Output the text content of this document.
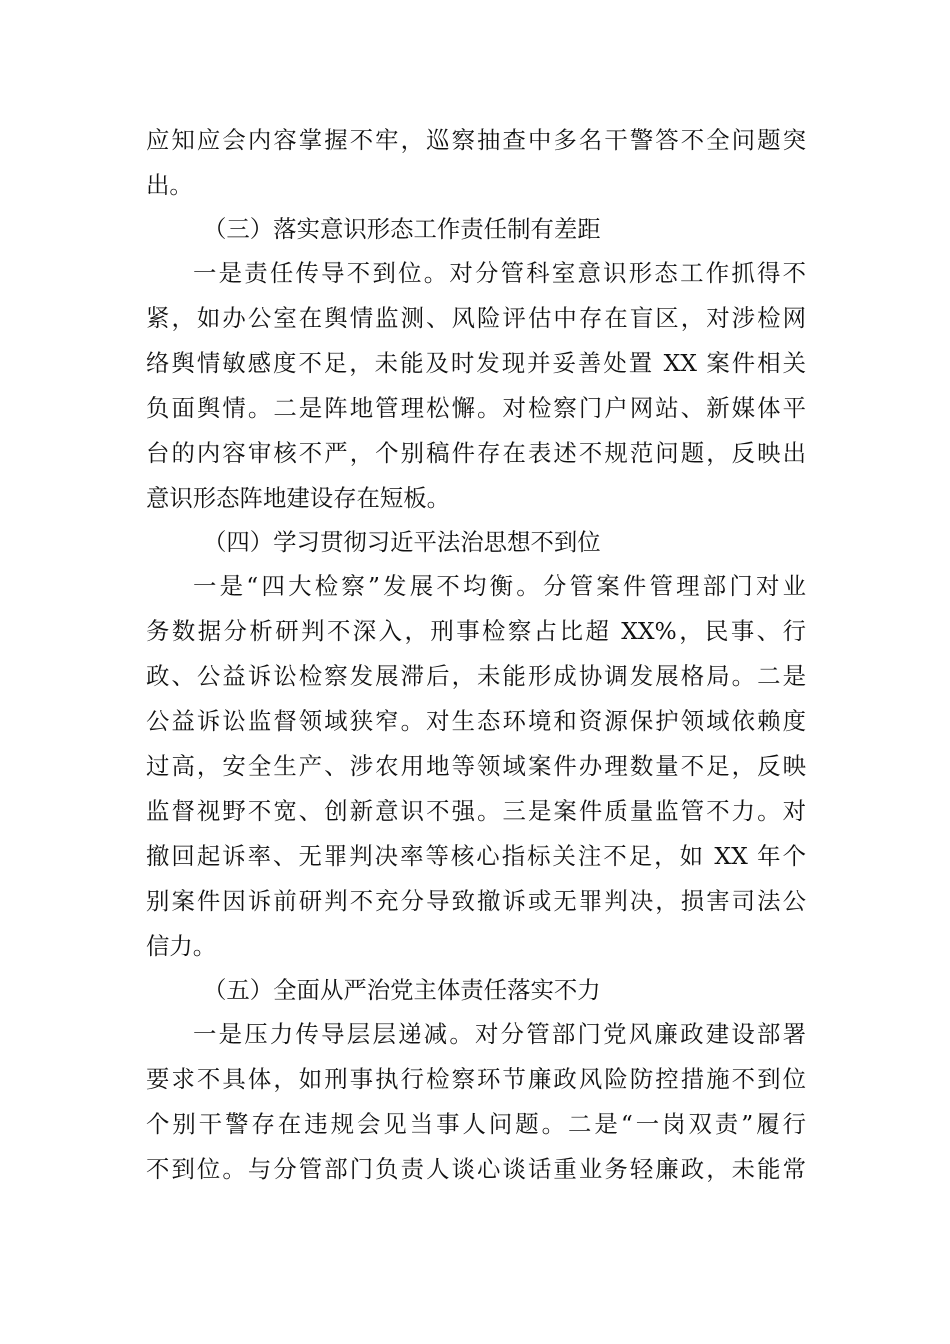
应知应会内容掌握不牢，巡察抽查中多名干警答不全问题突
出。
（三）落实意识形态工作责任制有差距
一是责任传导不到位。对分管科室意识形态工作抓得不
紧，如办公室在舆情监测、风险评估中存在盲区，对涉检网
络舆情敏感度不足，未能及时发现并妥善处置 XX 案件相关
负面舆情。二是阵地管理松懈。对检察门户网站、新媒体平
台的内容审核不严，个别稿件存在表述不规范问题，反映出
意识形态阵地建设存在短板。
（四）学习贯彻习近平法治思想不到位
一是“四大检察”发展不均衡。分管案件管理部门对业
务数据分析研判不深入，刑事检察占比超 XX%，民事、行
政、公益诉讼检察发展滞后，未能形成协调发展格局。二是
公益诉讼监督领域狭窄。对生态环境和资源保护领域依赖度
过高，安全生产、涉农用地等领域案件办理数量不足，反映
监督视野不宽、创新意识不强。三是案件质量监管不力。对
撤回起诉率、无罪判决率等核心指标关注不足，如 XX 年个
别案件因诉前研判不充分导致撤诉或无罪判决，损害司法公
信力。
（五）全面从严治党主体责任落实不力
一是压力传导层层递减。对分管部门党风廉政建设部署
要求不具体，如刑事执行检察环节廉政风险防控措施不到位
个别干警存在违规会见当事人问题。二是“一岗双责”履行
不到位。与分管部门负责人谈心谈话重业务轻廉政，未能常
